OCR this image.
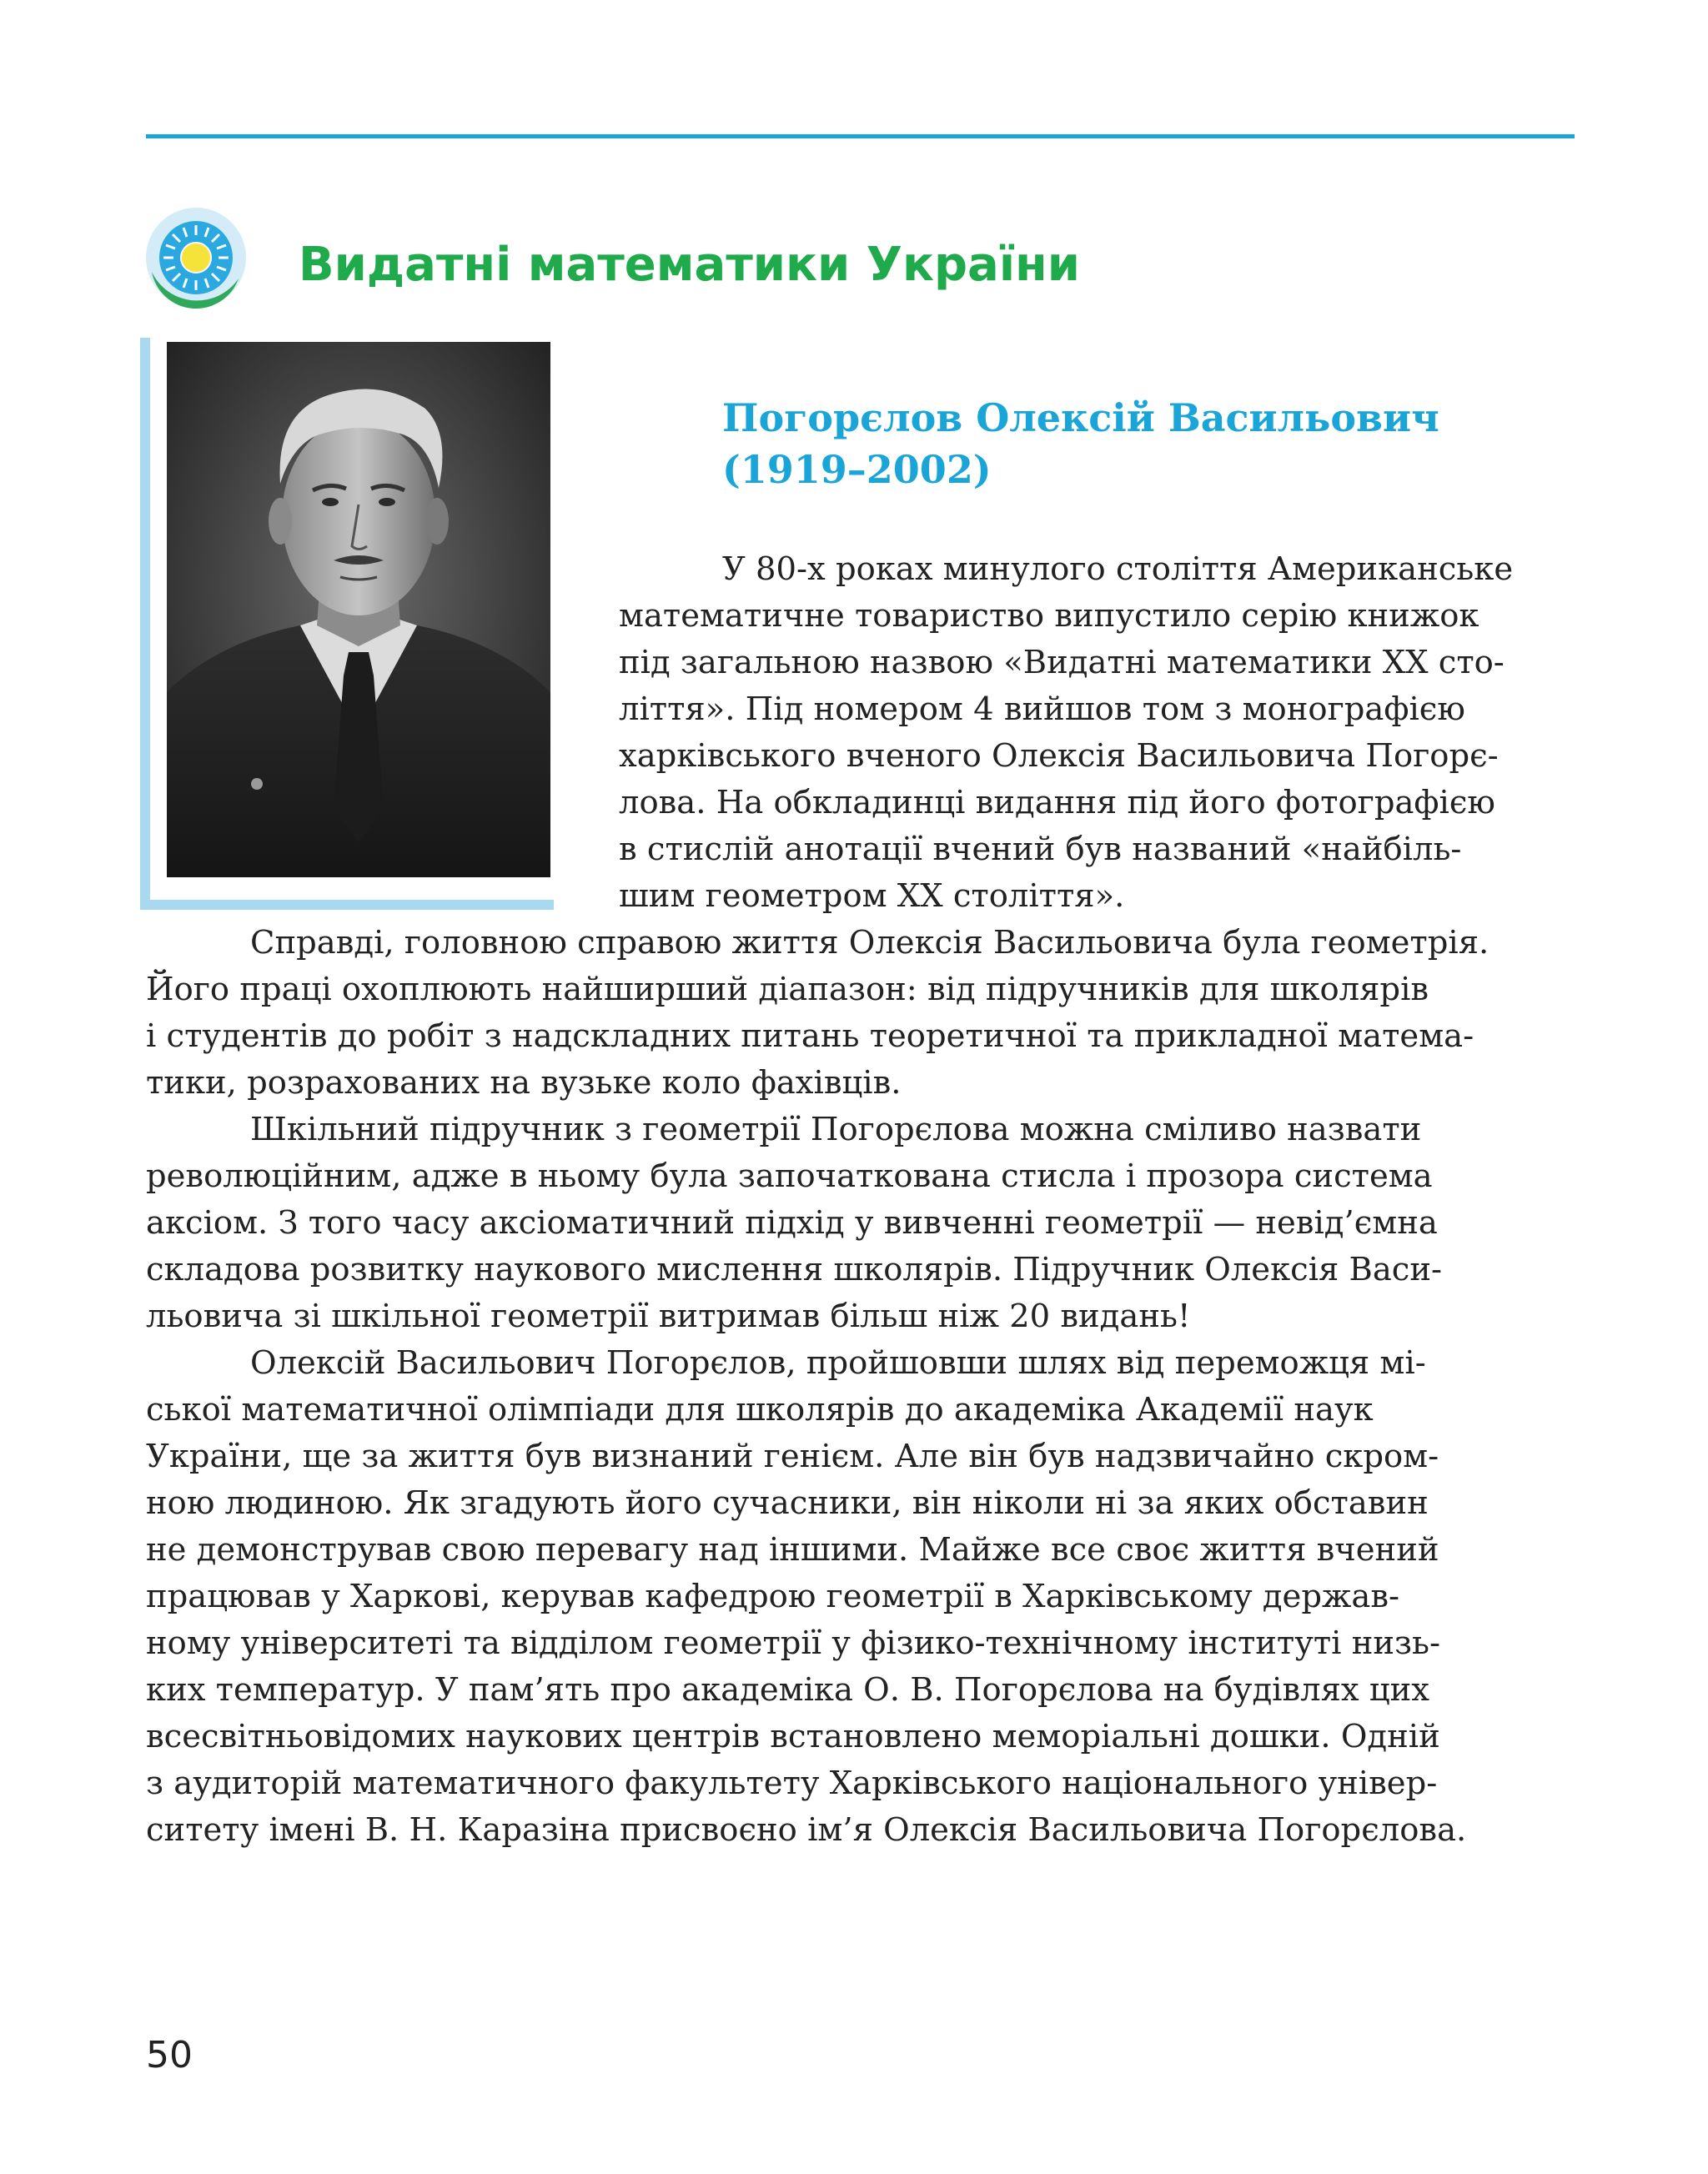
Видатні математики України
Погорєлов Олексій Васильович
(1919–2002)

У 80-х роках минулого століття Американське

математичне товариство випустило серію книжок

під загальною назвою «Видатні математики ХХ сто-

ліття». Під номером 4 вийшов том з монографією

харківського вченого Олексія Васильовича Погорє-

лова. На обкладинці видання під його фотографією

в стислій анотації вчений був названий «найбіль-

шим геометром ХХ століття».

Справді, головною справою життя Олексія Васильовича була геометрія.

Його праці охоплюють найширший діапазон: від підручників для школярів

і студентів до робіт з надскладних питань теоретичної та прикладної матема-

тики, розрахованих на вузьке коло фахівців.

Шкільний підручник з геометрії Погорєлова можна сміливо назвати

революційним, адже в ньому була започаткована стисла і прозора система

аксіом. З того часу аксіоматичний підхід у вивченні геометрії — невід’ємна

складова розвитку наукового мислення школярів. Підручник Олексія Васи-

льовича зі шкільної геометрії витримав більш ніж 20 видань!

Олексій Васильович Погорєлов, пройшовши шлях від переможця мі-

ської математичної олімпіади для школярів до академіка Академії наук

України, ще за життя був визнаний генієм. Але він був надзвичайно скром-

ною людиною. Як згадують його сучасники, він ніколи ні за яких обставин

не демонстрував свою перевагу над іншими. Майже все своє життя вчений

працював у Харкові, керував кафедрою геометрії в Харківському держав-

ному університеті та відділом геометрії у фізико-технічному інституті низь-

ких температур. У пам’ять про академіка О. В. Погорєлова на будівлях цих

всесвітньовідомих наукових центрів встановлено меморіальні дошки. Одній

з аудиторій математичного факультету Харківського національного універ-

ситету імені В. Н. Каразіна присвоєно ім’я Олексія Васильовича Погорєлова.

50
